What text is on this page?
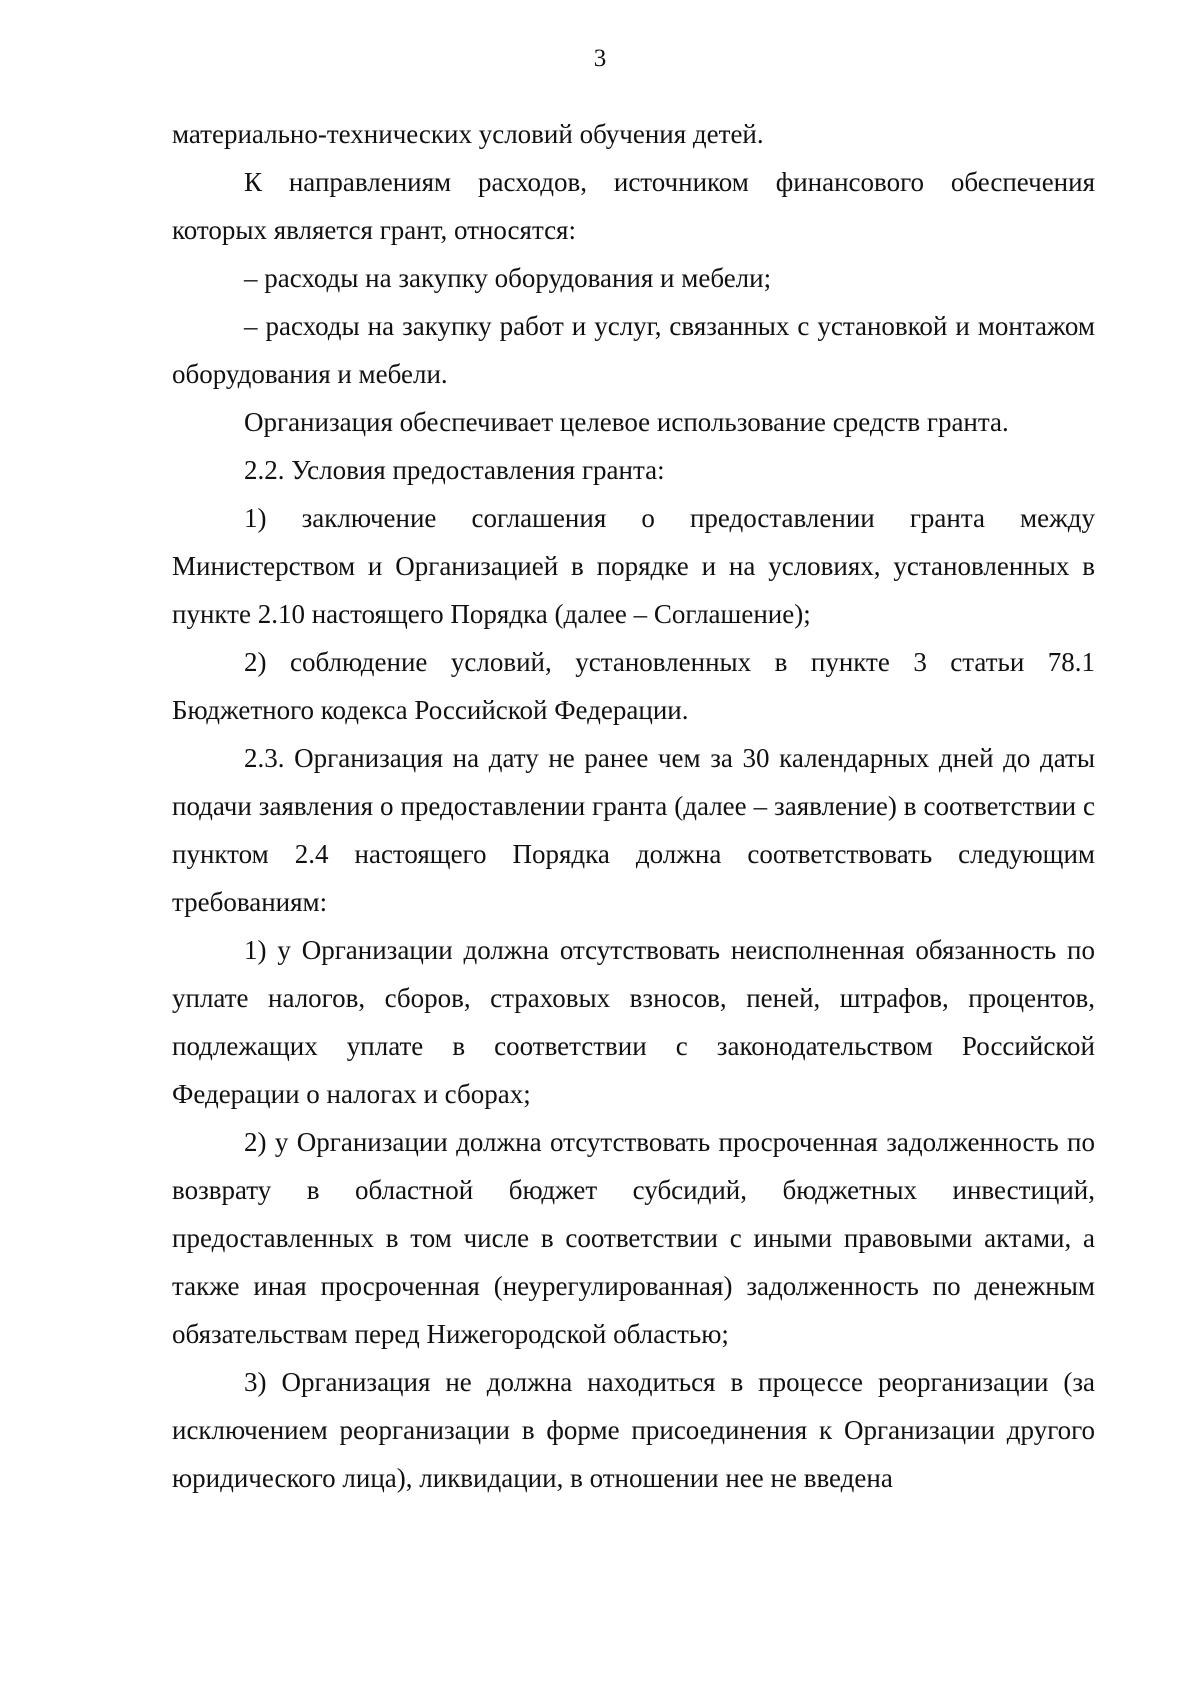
3

материально-технических условий обучения детей.

К направлениям расходов, источником финансового обеспечения которых является грант, относятся:

– расходы на закупку оборудования и мебели;

– расходы на закупку работ и услуг, связанных с установкой и монтажом оборудования и мебели.

Организация обеспечивает целевое использование средств гранта.

2.2. Условия предоставления гранта:

1) заключение соглашения о предоставлении гранта между Министерством и Организацией в порядке и на условиях, установленных в пункте 2.10 настоящего Порядка (далее – Соглашение);

2) соблюдение условий, установленных в пункте 3 статьи 78.1 Бюджетного кодекса Российской Федерации.

2.3. Организация на дату не ранее чем за 30 календарных дней до даты подачи заявления о предоставлении гранта (далее – заявление) в соответствии с пунктом 2.4 настоящего Порядка должна соответствовать следующим требованиям:

1) у Организации должна отсутствовать неисполненная обязанность по уплате налогов, сборов, страховых взносов, пеней, штрафов, процентов, подлежащих уплате в соответствии с законодательством Российской Федерации о налогах и сборах;

2) у Организации должна отсутствовать просроченная задолженность по возврату в областной бюджет субсидий, бюджетных инвестиций, предоставленных в том числе в соответствии с иными правовыми актами, а также иная просроченная (неурегулированная) задолженность по денежным обязательствам перед Нижегородской областью;

3) Организация не должна находиться в процессе реорганизации (за исключением реорганизации в форме присоединения к Организации другого юридического лица), ликвидации, в отношении нее не введена
